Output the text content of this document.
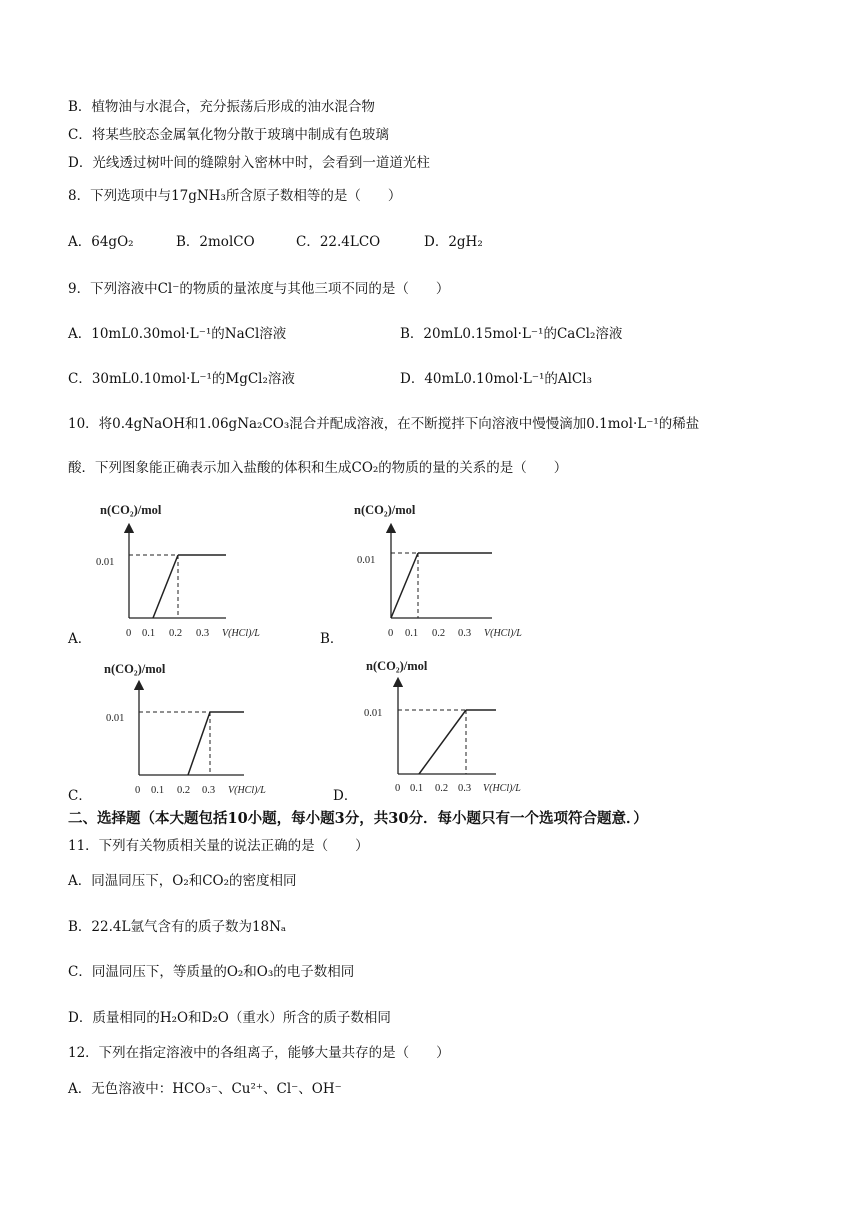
B．植物油与水混合，充分振荡后形成的油水混合物
C．将某些胶态金属氧化物分散于玻璃中制成有色玻璃
D．光线透过树叶间的缝隙射入密林中时，会看到一道道光柱
8．下列选项中与17gNH₃所含原子数相等的是（　　）
A．64gO₂	B．2molCO	C．22.4LCO	D．2gH₂
9．下列溶液中Cl⁻的物质的量浓度与其他三项不同的是（　　）
A．10mL0.30mol·L⁻¹的NaCl溶液	B．20mL0.15mol·L⁻¹的CaCl₂溶液
C．30mL0.10mol·L⁻¹的MgCl₂溶液	D．40mL0.10mol·L⁻¹的AlCl₃
10．将0.4gNaOH和1.06gNa₂CO₃混合并配成溶液，在不断搅拌下向溶液中慢慢滴加0.1mol·L⁻¹的稀盐
酸．下列图象能正确表示加入盐酸的体积和生成CO₂的物质的量的关系的是（　　）
n(CO₂)/mol
0.01
0 0.1 0.2 0.3 V(HCl)/L
A．
n(CO₂)/mol
0.01
0 0.1 0.2 0.3 V(HCl)/L
B．
n(CO₂)/mol
0.01
0 0.1 0.2 0.3 V(HCl)/L
C．
n(CO₂)/mol
0.01
0 0.1 0.2 0.3 V(HCl)/L
D．
二、选择题（本大题包括10小题，每小题3分，共30分．每小题只有一个选项符合题意．）
11．下列有关物质相关量的说法正确的是（　　）
A．同温同压下，O₂和CO₂的密度相同
B．22.4L氩气含有的质子数为18Nₐ
C．同温同压下，等质量的O₂和O₃的电子数相同
D．质量相同的H₂O和D₂O（重水）所含的质子数相同
12．下列在指定溶液中的各组离子，能够大量共存的是（　　）
A．无色溶液中：HCO₃⁻、Cu²⁺、Cl⁻、OH⁻
